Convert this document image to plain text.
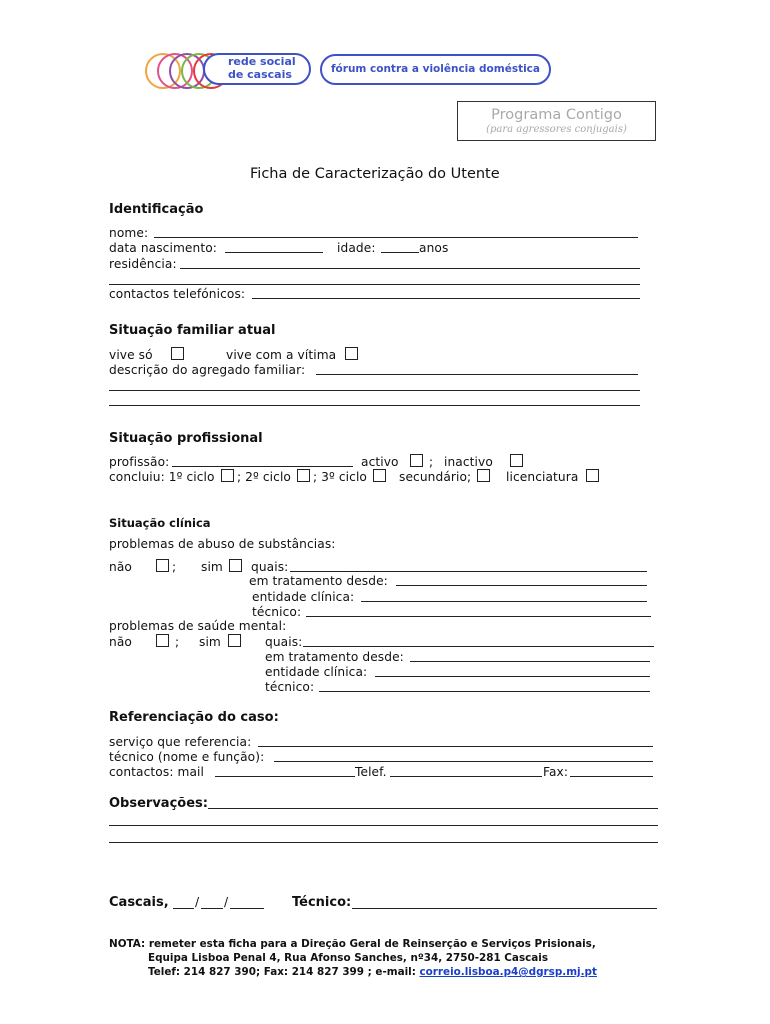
rede social
de cascais	fórum contra a violência doméstica
Programa Contigo
(para agressores conjugais)
Ficha de Caracterização do Utente
Identificação
nome:
data nascimento:	idade:	anos
residência:
contactos telefónicos:
Situação familiar atual
vive só	vive com a vítima
descrição do agregado familiar:
Situação profissional
profissão:	activo ; inactivo
concluiu: 1º ciclo ; 2º ciclo ; 3º ciclo	secundário;	licenciatura
Situação clínica
problemas de abuso de substâncias:
não	; sim quais:
em tratamento desde:
entidade clínica:
técnico:
problemas de saúde mental:
não	; sim	quais:
em tratamento desde:
entidade clínica:
técnico:
Referenciação do caso:
serviço que referencia:
técnico (nome e função):
contactos: mail	Telef.	Fax:
Observações:
Cascais, / /	Técnico:
NOTA: remeter esta ficha para a Direção Geral de Reinserção e Serviços Prisionais,
Equipa Lisboa Penal 4, Rua Afonso Sanches, nº34, 2750-281 Cascais
Telef: 214 827 390; Fax: 214 827 399 ; e-mail: correio.lisboa.p4@dgrsp.mj.pt
